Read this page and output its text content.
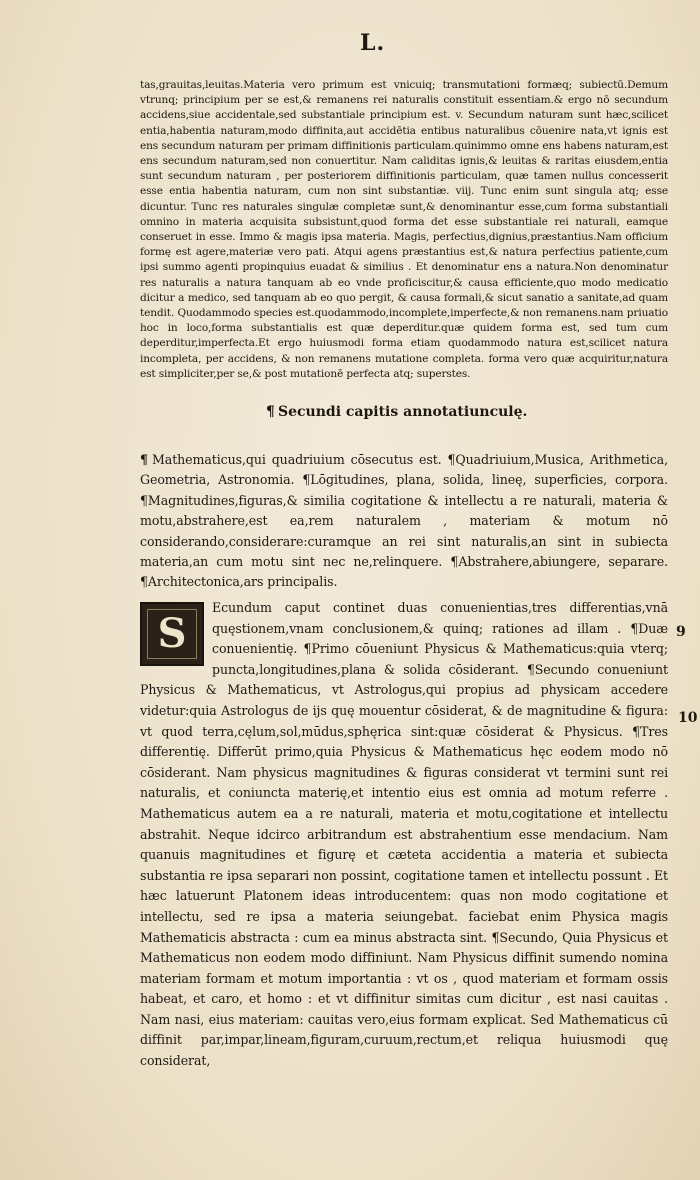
L.

tas,grauitas,leuitas.Materia vero primum est vnicuiq; transmutationi formæq; subiectū.Demum vtrunq; principium per se est,& remanens rei naturalis constituit essentiam.& ergo nō secundum accidens,siue accidentale,sed substantiale principium est. v. Secundum naturam sunt hæc,scilicet entia,habentia naturam,modo diffinita,aut accidētia entibus naturalibus cōuenire nata,vt ignis est ens secundum naturam per primam diffinitionis particulam.quinimmo omne ens habens naturam,est ens secundum naturam,sed non conuertitur. Nam caliditas ignis,& leuitas & raritas eiusdem,entia sunt secundum naturam , per posteriorem diffinitionis particulam, quæ tamen nullus concesserit esse entia habentia naturam, cum non sint substantiæ. viij. Tunc enim sunt singula atq; esse dicuntur. Tunc res naturales singulæ completæ sunt,& denominantur esse,cum forma substantiali omnino in materia acquisita subsistunt,quod forma det esse substantiale rei naturali, eamque conseruet in esse. Immo & magis ipsa materia. Magis, perfectius,dignius,præstantius.Nam officium formę est agere,materiæ vero pati. Atqui agens præstantius est,& natura perfectius patiente,cum ipsi summo agenti propinquius euadat & similius . Et denominatur ens a natura.Non denominatur res naturalis a natura tanquam ab eo vnde proficiscitur,& causa efficiente,quo modo medicatio dicitur a medico, sed tanquam ab eo quo pergit, & causa formali,& sicut sanatio a sanitate,ad quam tendit. Quodammodo species est.quodammodo,incomplete,imperfecte,& non remanens.nam priuatio hoc in loco,forma substantialis est quæ deperditur.quæ quidem forma est, sed tum cum deperditur,imperfecta.Et ergo huiusmodi forma etiam quodammodo natura est,scilicet natura incompleta, per accidens, & non remanens mutatione completa. forma vero quæ acquiritur,natura est simpliciter,per se,& post mutationē perfecta atq; superstes.

¶ Secundi capitis annotatiunculę.

¶ Mathematicus,qui quadriuium cōsecutus est. ¶Quadriuium,Musica, Arithmetica, Geometria, Astronomia. ¶Lōgitudines, plana, solida, lineę, superficies, corpora. ¶Magnitudines,figuras,& similia cogitatione & intellectu a re naturali, materia & motu,abstrahere,est ea,rem naturalem , materiam & motum nō considerando,considerare:curamque an rei sint naturalis,an sint in subiecta materia,an cum motu sint nec ne,relinquere. ¶Abstrahere,abiungere, separare. ¶Architectonica,ars principalis.

S

Ecundum caput continet duas conuenientias,tres differentias,vnā quęstionem,vnam conclusionem,& quinq; rationes ad illam . ¶Duæ conuenientię. ¶Primo cōueniunt Physicus & Mathematicus:quia vterq; puncta,longitudines,plana & solida cōsiderant. ¶Secundo conueniunt Physicus & Mathematicus, vt Astrologus,qui propius ad physicam accedere videtur:quia Astrologus de ijs quę mouentur cōsiderat, & de magnitudine & figura: vt quod terra,cęlum,sol,mūdus,sphęrica sint:quæ cōsiderat & Physicus. ¶Tres differentię. Differūt primo,quia Physicus & Mathematicus hęc eodem modo nō cōsiderant. Nam physicus magnitudines & figuras considerat vt termini sunt rei naturalis, et coniuncta materię,et intentio eius est omnia ad motum referre . Mathematicus autem ea a re naturali, materia et motu,cogitatione et intellectu abstrahit. Neque idcirco arbitrandum est abstrahentium esse mendacium. Nam quanuis magnitudines et figurę et cæteta accidentia a materia et subiecta substantia re ipsa separari non possint, cogitatione tamen et intellectu possunt . Et hæc latuerunt Platonem ideas introducentem: quas non modo cogitatione et intellectu, sed re ipsa a materia seiungebat. faciebat enim Physica magis Mathematicis abstracta : cum ea minus abstracta sint. ¶Secundo, Quia Physicus et Mathematicus non eodem modo diffiniunt. Nam Physicus diffinit sumendo nomina materiam formam et motum importantia : vt os , quod materiam et formam ossis habeat, et caro, et homo : et vt diffinitur simitas cum dicitur , est nasi cauitas . Nam nasi, eius materiam: cauitas vero,eius formam explicat. Sed Mathematicus cū diffinit par,impar,lineam,figuram,curuum,rectum,et reliqua huiusmodi quę considerat,

9
10
